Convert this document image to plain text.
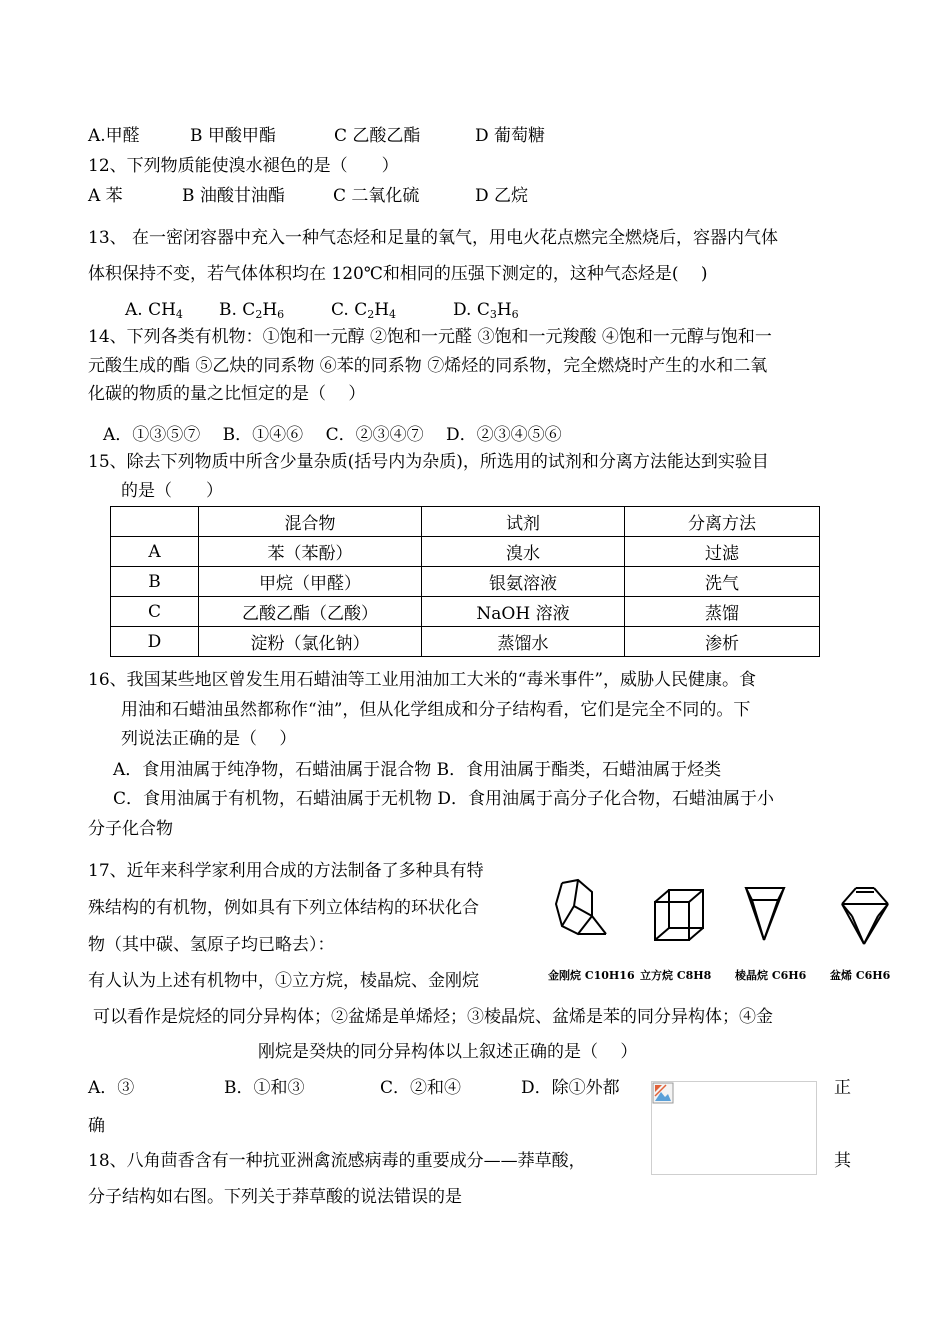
A.甲醛	B 甲酸甲酯	C 乙酸乙酯	D 葡萄糖
12、下列物质能使溴水褪色的是（　　）
A 苯	B 油酸甘油酯	C 二氧化硫	D 乙烷
13、 在一密闭容器中充入一种气态烃和足量的氧气，用电火花点燃完全燃烧后，容器内气体
体积保持不变，若气体体积均在 120℃和相同的压强下测定的，这种气态烃是(　 )
A. $CH_4$ B. $C_2H_6$	C. $C_2H_4$	D. $C_3H_6$
14、下列各类有机物：①饱和一元醇 ②饱和一元醛 ③饱和一元羧酸 ④饱和一元醇与饱和一
元酸生成的酯 ⑤乙炔的同系物 ⑥苯的同系物 ⑦烯烃的同系物，完全燃烧时产生的水和二氧
化碳的物质的量之比恒定的是（　 ）
A．①③⑤⑦　 B．①④⑥　 C．②③④⑦　 D．②③④⑤⑥
15、除去下列物质中所含少量杂质(括号内为杂质)，所选用的试剂和分离方法能达到实验目
的是（　　）
	混合物	试剂	分离方法
A	苯（苯酚）	溴水	过滤
B	甲烷（甲醛）	银氨溶液	洗气
C	乙酸乙酯（乙酸）	NaOH 溶液	蒸馏
D	淀粉（氯化钠）	蒸馏水	渗析
16、我国某些地区曾发生用石蜡油等工业用油加工大米的“毒米事件”，威胁人民健康。食
用油和石蜡油虽然都称作“油”，但从化学组成和分子结构看，它们是完全不同的。下
列说法正确的是（　 ）
A．食用油属于纯净物，石蜡油属于混合物 B．食用油属于酯类，石蜡油属于烃类
C．食用油属于有机物，石蜡油属于无机物 D．食用油属于高分子化合物，石蜡油属于小
分子化合物
17、近年来科学家利用合成的方法制备了多种具有特
殊结构的有机物，例如具有下列立体结构的环状化合
物（其中碳、氢原子均已略去）：
有人认为上述有机物中，①立方烷，棱晶烷、金刚烷
可以看作是烷烃的同分异构体；②盆烯是单烯烃；③棱晶烷、盆烯是苯的同分异构体；④金
刚烷是癸炔的同分异构体以上叙述正确的是（　 ）
A．③	B．①和③	C．②和④	D．除①外都	正
确
金刚烷 C10H16 立方烷 C8H8 棱晶烷 C6H6 盆烯 C6H6
18、八角茴香含有一种抗亚洲禽流感病毒的重要成分——莽草酸，	其
分子结构如右图。下列关于莽草酸的说法错误的是
